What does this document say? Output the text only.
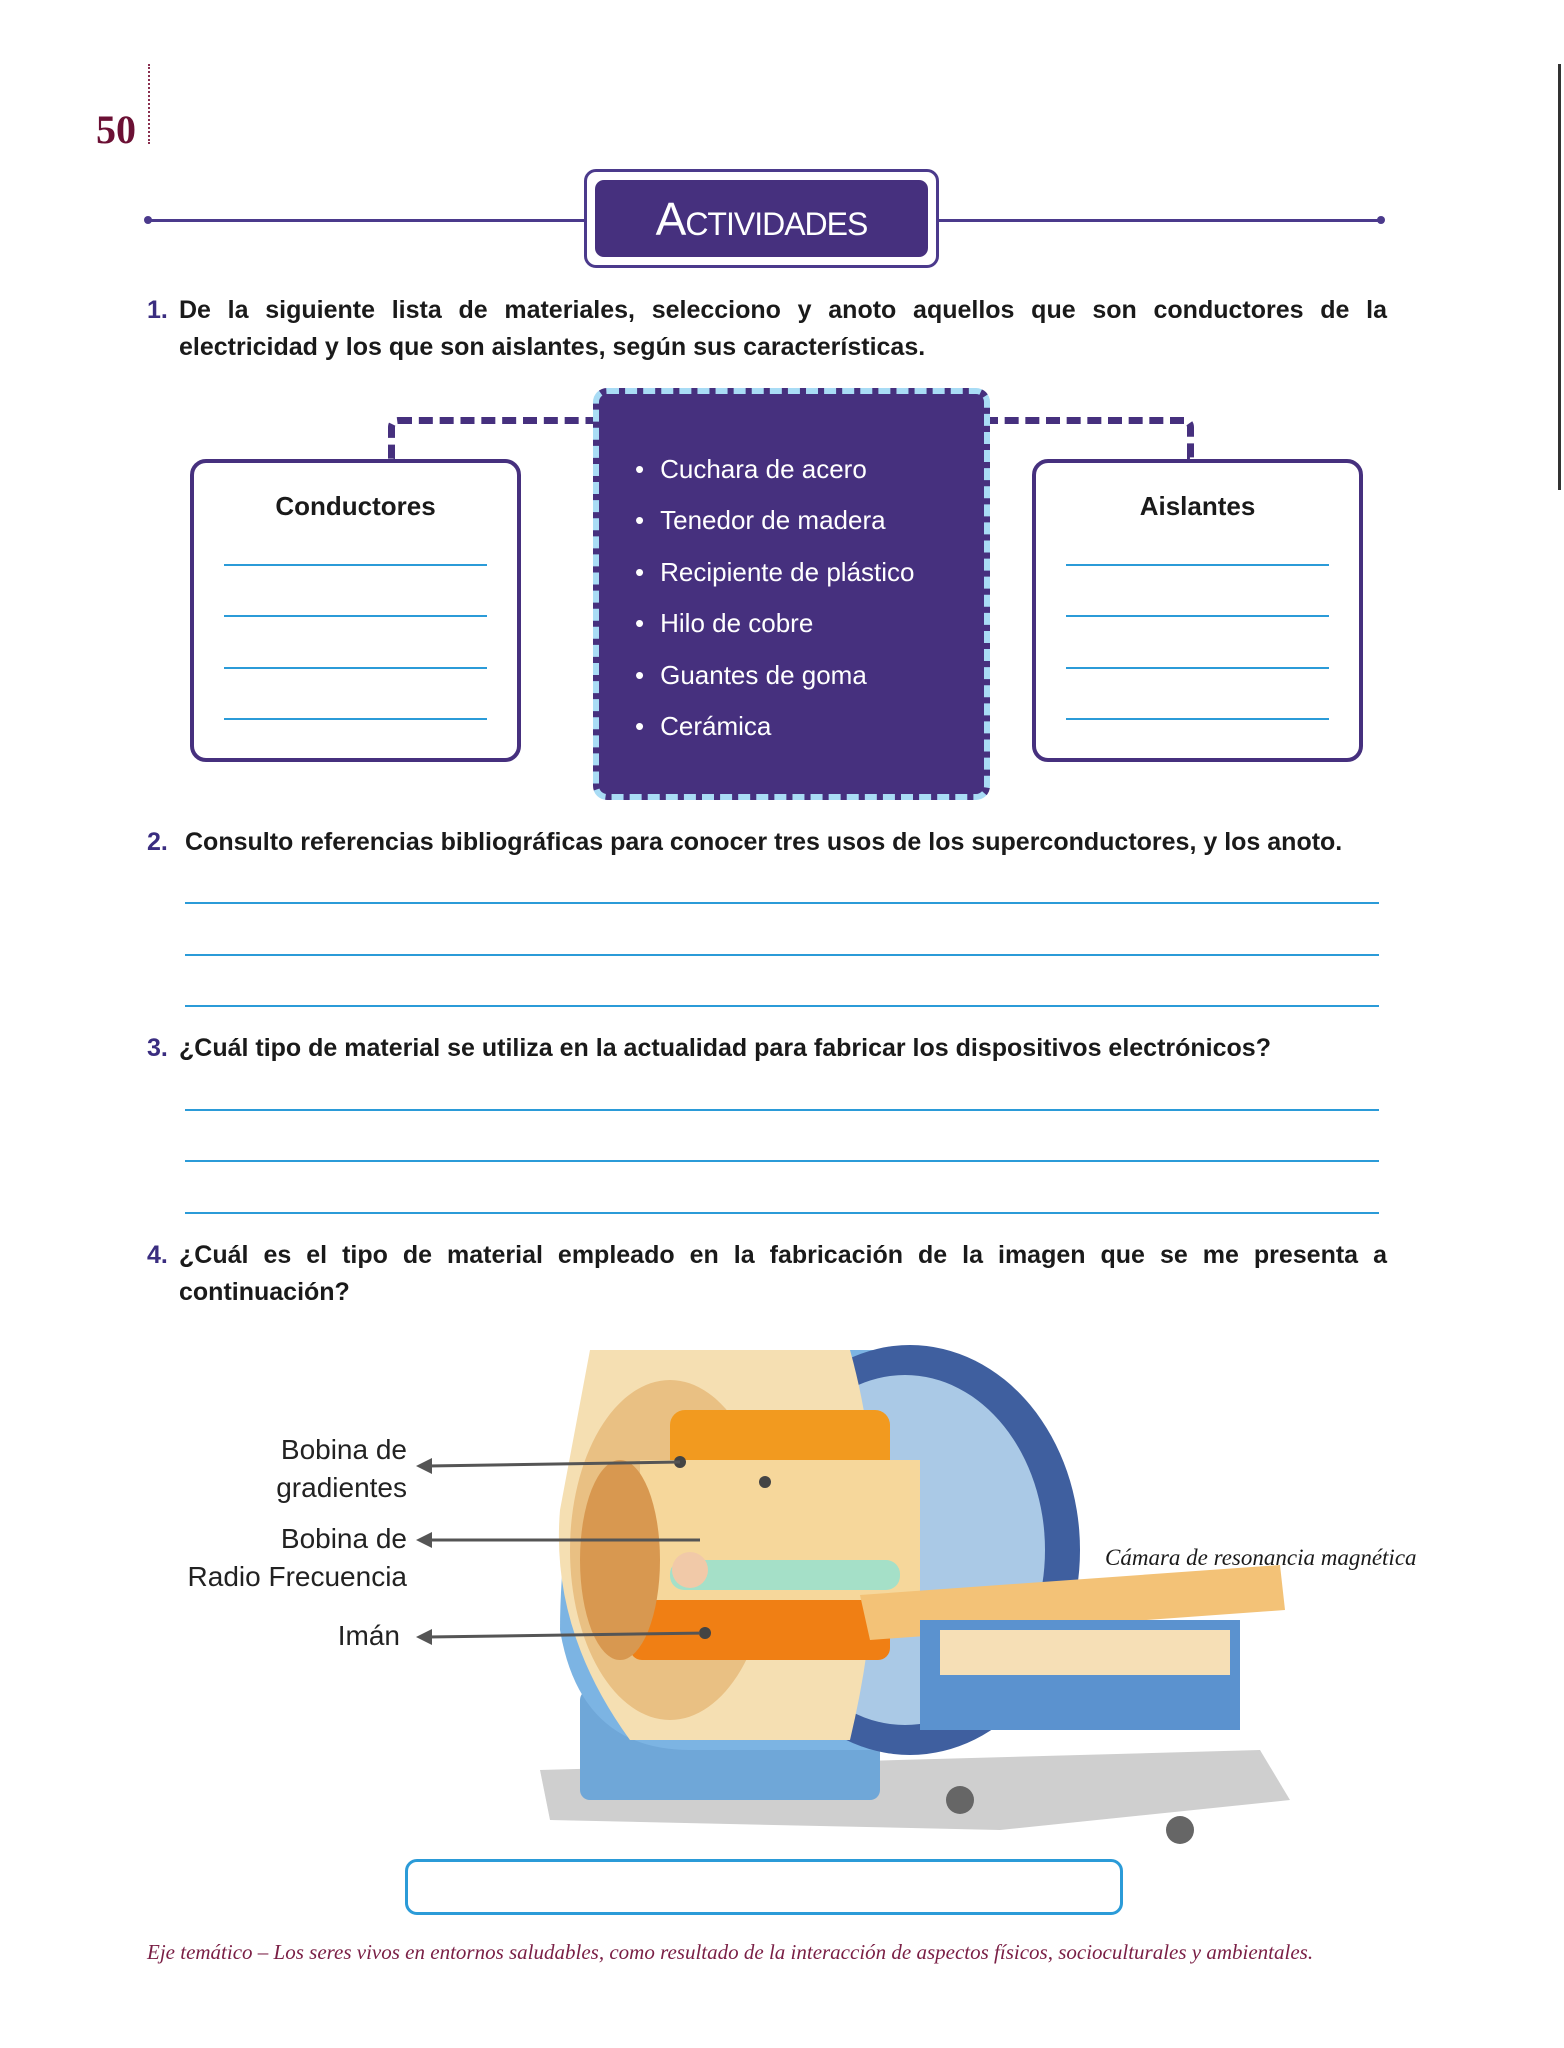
50
Actividades
1. De la siguiente lista de materiales, selecciono y anoto aquellos que son conductores de la electricidad y los que son aislantes, según sus características.
Conductores
• Cuchara de acero
• Tenedor de madera
• Recipiente de plástico
• Hilo de cobre
• Guantes de goma
• Cerámica
Aislantes
2. Consulto referencias bibliográficas para conocer tres usos de los superconductores, y los anoto.
3. ¿Cuál tipo de material se utiliza en la actualidad para fabricar los dispositivos electrónicos?
4. ¿Cuál es el tipo de material empleado en la fabricación de la imagen que se me presenta a continuación?
Bobina de
gradientes
Bobina de
Radio Frecuencia
Imán
Cámara de resonancia magnética
Eje temático – Los seres vivos en entornos saludables, como resultado de la interacción de aspectos físicos, socioculturales y ambientales.
